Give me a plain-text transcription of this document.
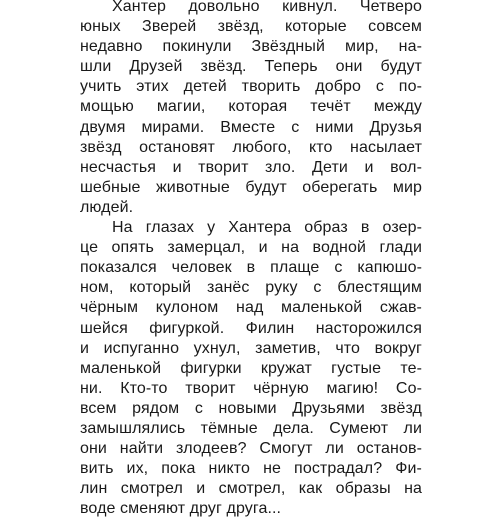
Хантер довольно кивнул. Четверо
юных Зверей звёзд, которые совсем
недавно покинули Звёздный мир, на-
шли Друзей звёзд. Теперь они будут
учить этих детей творить добро с по-
мощью магии, которая течёт между
двумя мирами. Вместе с ними Друзья
звёзд остановят любого, кто насылает
несчастья и творит зло. Дети и вол-
шебные животные будут оберегать мир
людей.
На глазах у Хантера образ в озер-
це опять замерцал, и на водной глади
показался человек в плаще с капюшо-
ном, который занёс руку с блестящим
чёрным кулоном над маленькой сжав-
шейся фигуркой. Филин насторожился
и испуганно ухнул, заметив, что вокруг
маленькой фигурки кружат густые те-
ни. Кто-то творит чёрную магию! Со-
всем рядом с новыми Друзьями звёзд
замышлялись тёмные дела. Сумеют ли
они найти злодеев? Смогут ли останов-
вить их, пока никто не пострадал? Фи-
лин смотрел и смотрел, как образы на
воде сменяют друг друга...
